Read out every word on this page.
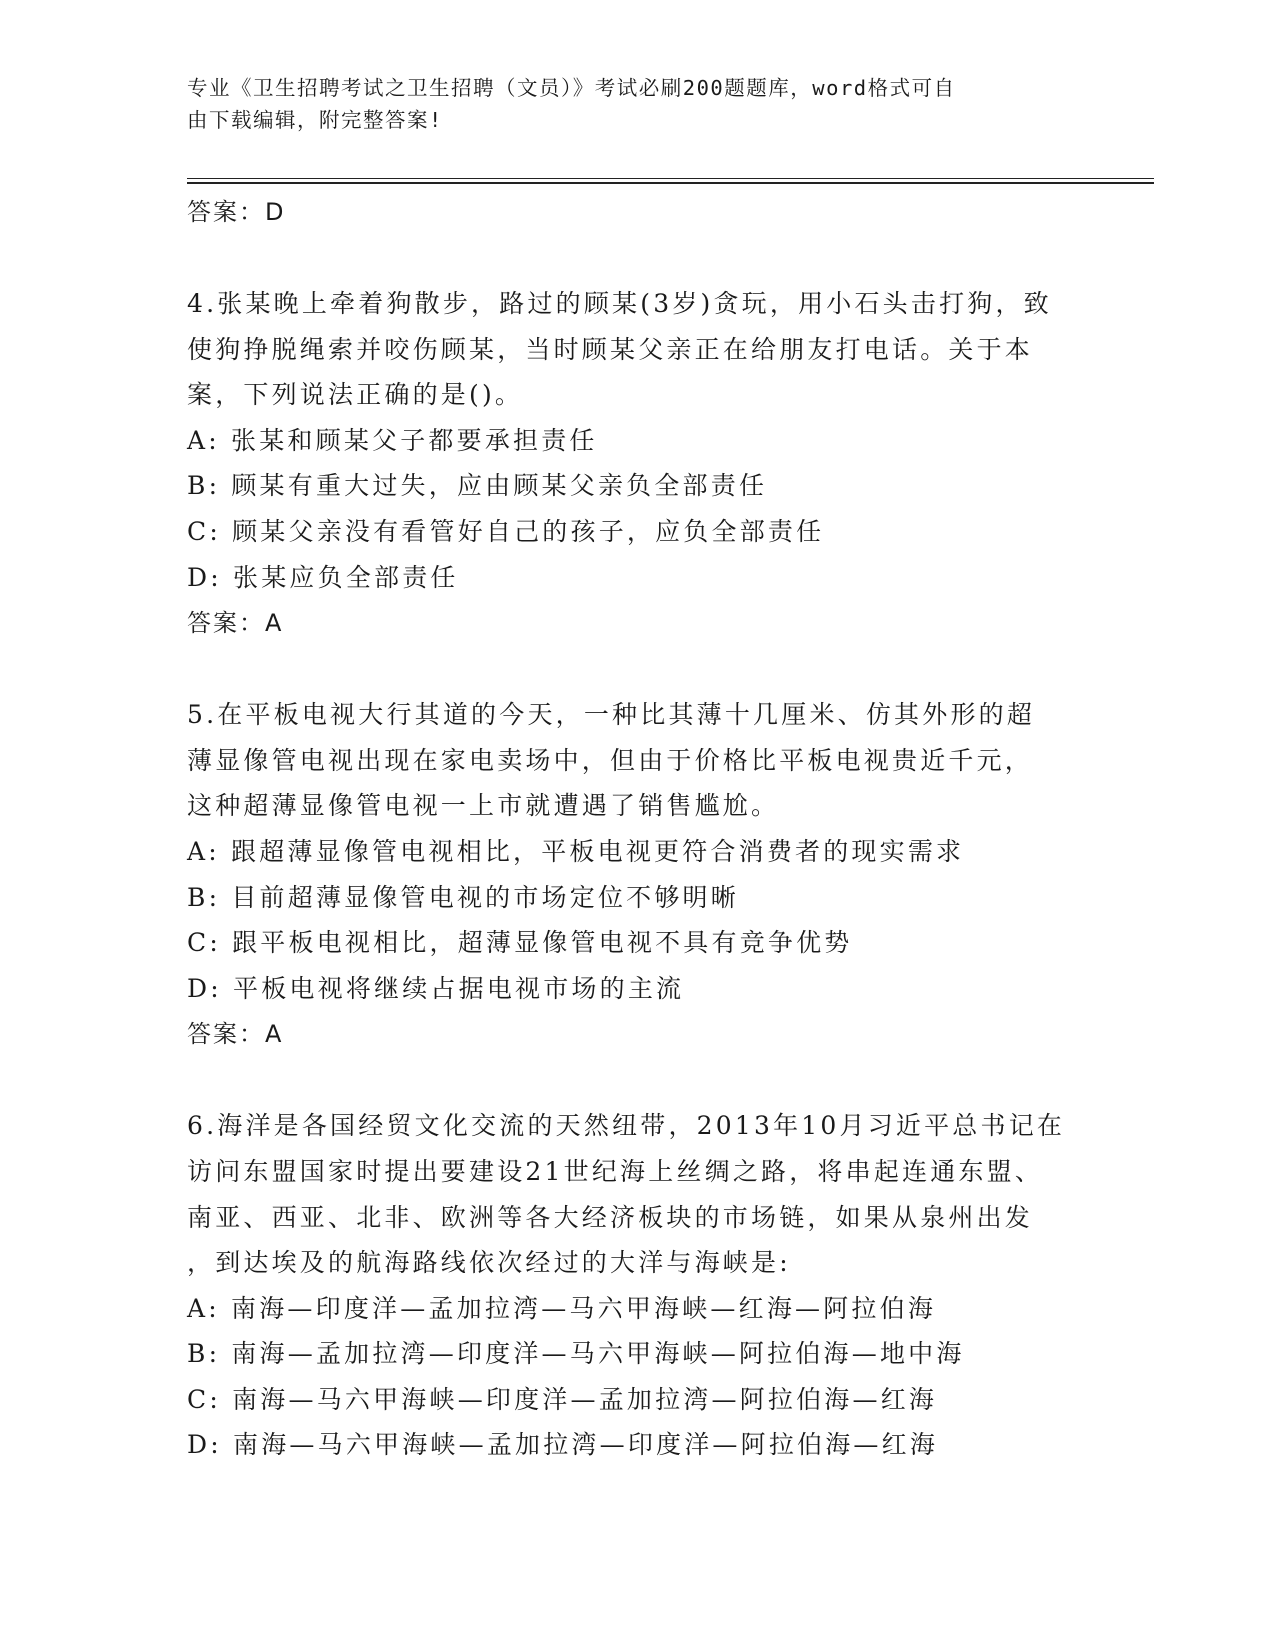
专业《卫生招聘考试之卫生招聘（文员）》考试必刷200题题库，word格式可自
由下载编辑，附完整答案!
答案：D
4.张某晚上牵着狗散步，路过的顾某(3岁)贪玩，用小石头击打狗，致
使狗挣脱绳索并咬伤顾某，当时顾某父亲正在给朋友打电话。关于本
案，下列说法正确的是()。
A: 张某和顾某父子都要承担责任
B: 顾某有重大过失，应由顾某父亲负全部责任
C: 顾某父亲没有看管好自己的孩子，应负全部责任
D: 张某应负全部责任
答案：A
5.在平板电视大行其道的今天，一种比其薄十几厘米、仿其外形的超
薄显像管电视出现在家电卖场中，但由于价格比平板电视贵近千元，
这种超薄显像管电视一上市就遭遇了销售尴尬。
A: 跟超薄显像管电视相比，平板电视更符合消费者的现实需求
B: 目前超薄显像管电视的市场定位不够明晰
C: 跟平板电视相比，超薄显像管电视不具有竞争优势
D: 平板电视将继续占据电视市场的主流
答案：A
6.海洋是各国经贸文化交流的天然纽带，2013年10月习近平总书记在
访问东盟国家时提出要建设21世纪海上丝绸之路，将串起连通东盟、
南亚、西亚、北非、欧洲等各大经济板块的市场链，如果从泉州出发
，到达埃及的航海路线依次经过的大洋与海峡是:
A: 南海—印度洋—孟加拉湾—马六甲海峡—红海—阿拉伯海
B: 南海—孟加拉湾—印度洋—马六甲海峡—阿拉伯海—地中海
C: 南海—马六甲海峡—印度洋—孟加拉湾—阿拉伯海—红海
D: 南海—马六甲海峡—孟加拉湾—印度洋—阿拉伯海—红海
